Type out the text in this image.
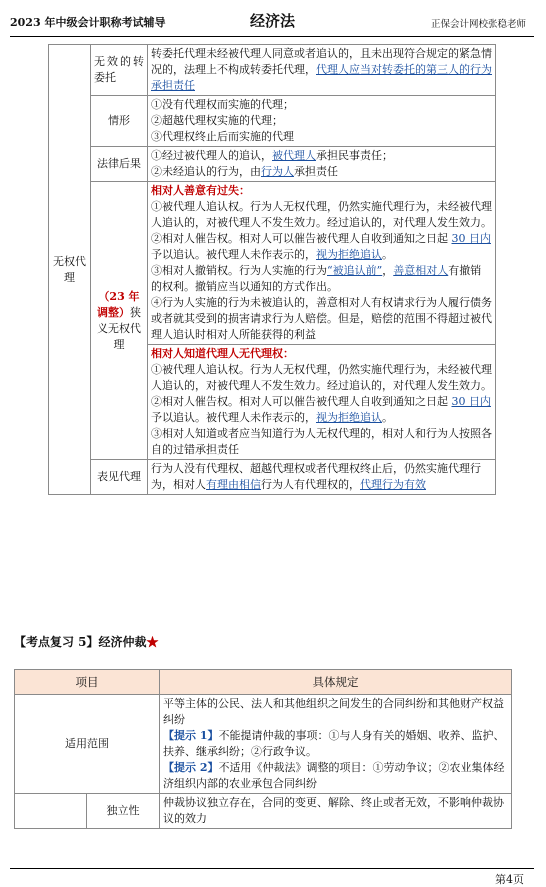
2023 年中级会计职称考试辅导	经济法	正保会计网校张稳老师
无权代理	无效的转委托	转委托代理未经被代理人同意或者追认的，且未出现符合规定的紧急情况的，法理上不构成转委托代理，代理人应当对转委托的第三人的行为承担责任
	情形	①没有代理权而实施的代理；
②超越代理权实施的代理；
③代理权终止后而实施的代理

	法律后果	①经过被代理人的追认，被代理人承担民事责任；
②未经追认的行为，由行为人承担责任

	（23 年调整）狭义无权代理	相对人善意有过失：
①被代理人追认权。行为人无权代理，仍然实施代理行为，未经被代理人追认的，对被代理人不发生效力。经过追认的，对代理人发生效力。
②相对人催告权。相对人可以催告被代理人自收到通知之日起 30 日内予以追认。被代理人未作表示的，视为拒绝追认。
③相对人撤销权。行为人实施的行为“被追认前”，善意相对人有撤销的权利。撤销应当以通知的方式作出。
④行为人实施的行为未被追认的，善意相对人有权请求行为人履行债务或者就其受到的损害请求行为人赔偿。但是，赔偿的范围不得超过被代理人追认时相对人所能获得的利益

		相对人知道代理人无代理权：
①被代理人追认权。行为人无权代理，仍然实施代理行为，未经被代理人追认的，对被代理人不发生效力。经过追认的，对代理人发生效力。
②相对人催告权。相对人可以催告被代理人自收到通知之日起 30 日内予以追认。被代理人未作表示的，视为拒绝追认。
③相对人知道或者应当知道行为人无权代理的，相对人和行为人按照各自的过错承担责任

	表见代理	行为人没有代理权、超越代理权或者代理权终止后，仍然实施代理行为，相对人有理由相信行为人有代理权的，代理行为有效
【考点复习 5】经济仲裁★
项目		具体规定
适用范围		平等主体的公民、法人和其他组织之间发生的合同纠纷和其他财产权益纠纷
【提示 1】不能提请仲裁的事项：①与人身有关的婚姻、收养、监护、扶养、继承纠纷；②行政争议。
【提示 2】不适用《仲裁法》调整的项目：①劳动争议；②农业集体经济组织内部的农业承包合同纠纷

	独立性	仲裁协议独立存在，合同的变更、解除、终止或者无效，不影响仲裁协议的效力
第4页
